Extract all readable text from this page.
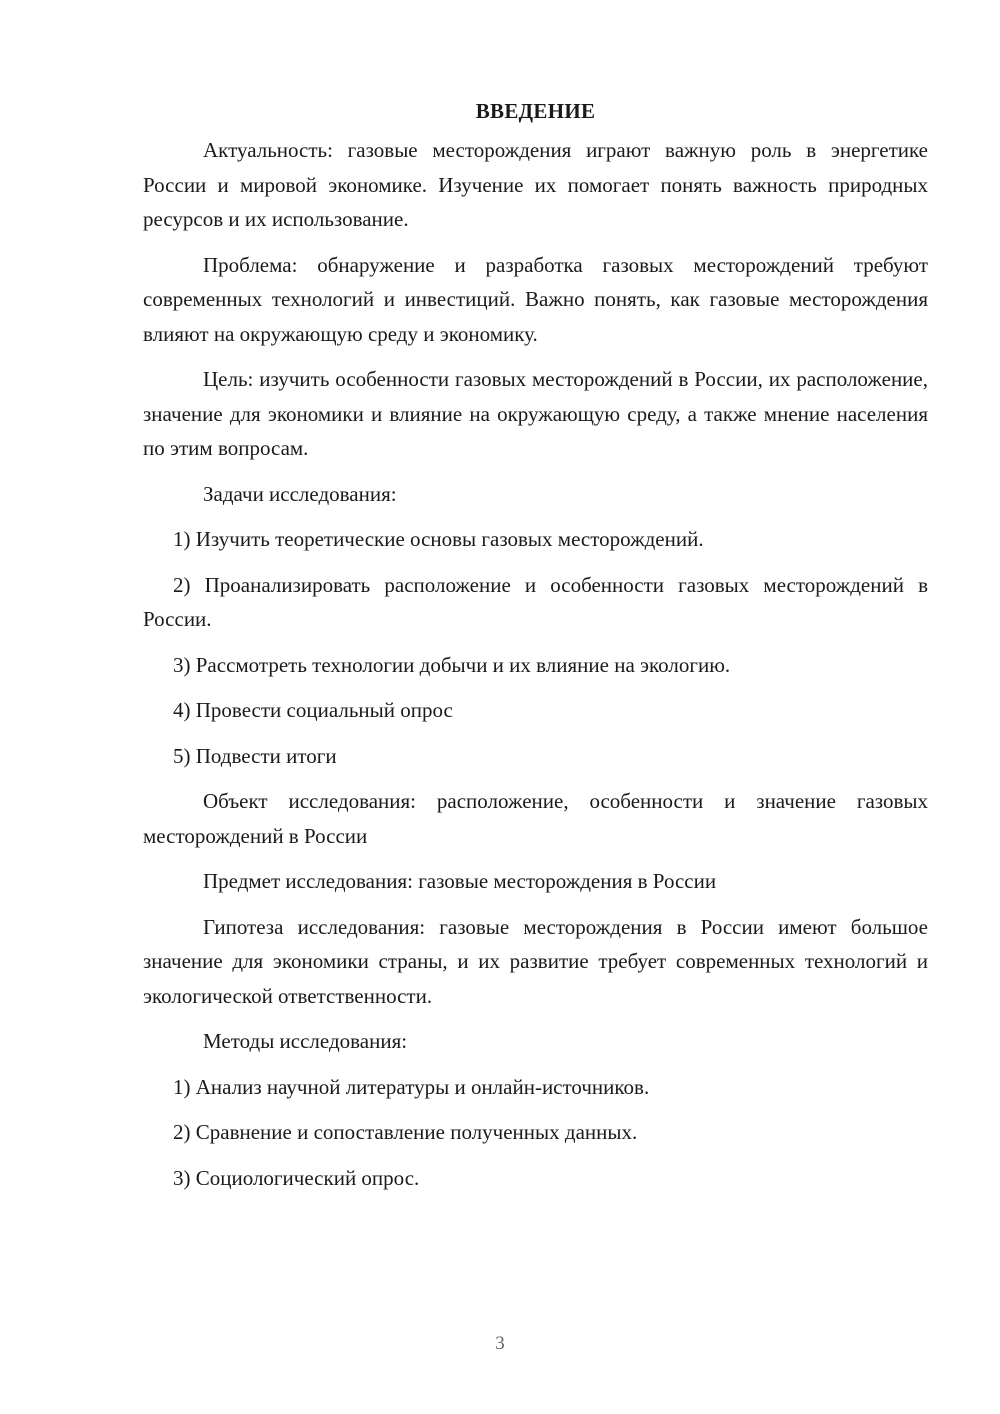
ВВЕДЕНИЕ

Актуальность: газовые месторождения играют важную роль в энергетике России и мировой экономике. Изучение их помогает понять важность природных ресурсов и их использование.

Проблема: обнаружение и разработка газовых месторождений требуют современных технологий и инвестиций. Важно понять, как газовые месторождения влияют на окружающую среду и экономику.

Цель: изучить особенности газовых месторождений в России, их расположение, значение для экономики и влияние на окружающую среду, а также мнение населения по этим вопросам.

Задачи исследования:

1) Изучить теоретические основы газовых месторождений.

2) Проанализировать расположение и особенности газовых месторождений в России.

3) Рассмотреть технологии добычи и их влияние на экологию.

4) Провести социальный опрос

5) Подвести итоги

Объект исследования: расположение, особенности и значение газовых месторождений в России

Предмет исследования: газовые месторождения в России

Гипотеза исследования: газовые месторождения в России имеют большое значение для экономики страны, и их развитие требует современных технологий и экологической ответственности.

Методы исследования:

1) Анализ научной литературы и онлайн-источников.

2) Сравнение и сопоставление полученных данных.

3) Социологический опрос.

3
